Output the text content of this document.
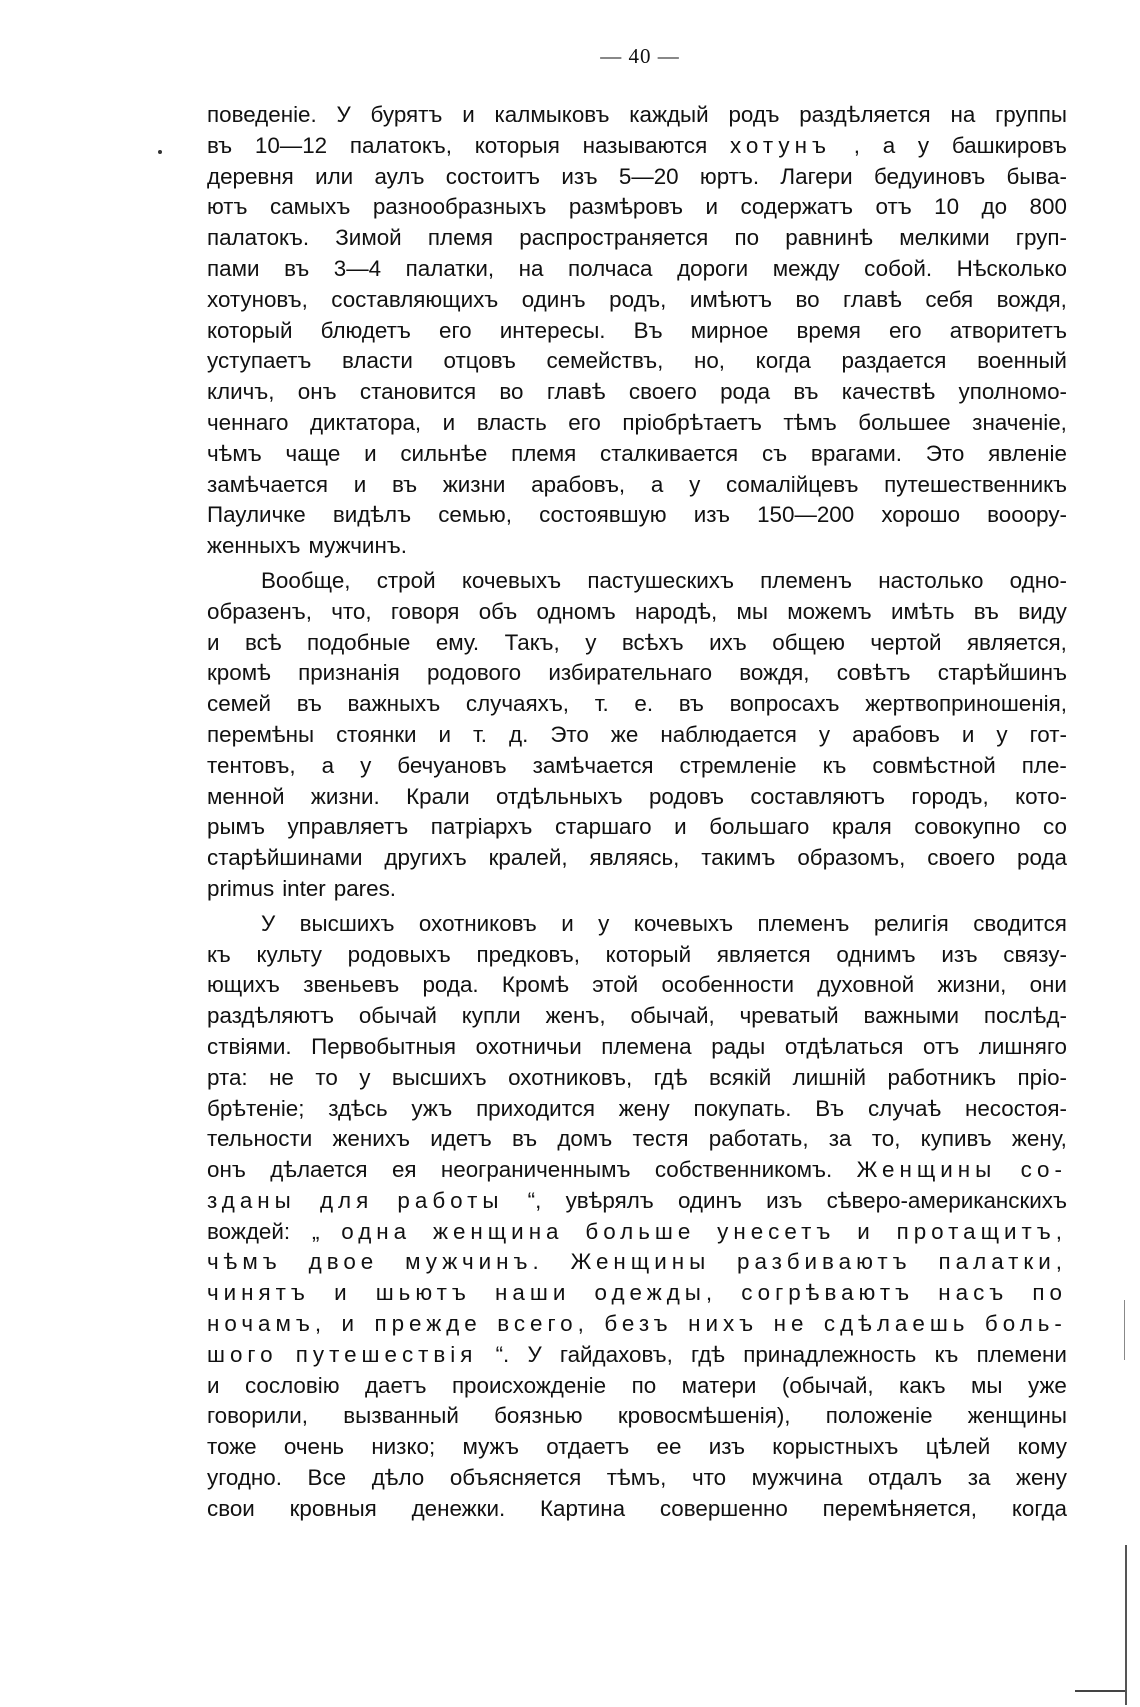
— 40 —
поведеніе. У бурятъ и калмыковъ каждый родъ раздѣляется на группы
въ 10—12 палатокъ, которыя называются хотунъ , а у башкировъ
деревня или аулъ состоитъ изъ 5—20 юртъ. Лагери бедуиновъ быва-
ютъ самыхъ разнообразныхъ размѣровъ и содержатъ отъ 10 до 800
палатокъ. Зимой племя распространяется по равнинѣ мелкими груп-
пами въ 3—4 палатки, на полчаса дороги между собой. Нѣсколько
хотуновъ, составляющихъ одинъ родъ, имѣютъ во главѣ себя вождя,
который блюдетъ его интересы. Въ мирное время его атворитетъ
уступаетъ власти отцовъ семействъ, но, когда раздается военный
кличъ, онъ становится во главѣ своего рода въ качествѣ уполномо-
ченнаго диктатора, и власть его пріобрѣтаетъ тѣмъ большее значеніе,
чѣмъ чаще и сильнѣе племя сталкивается съ врагами. Это явленіе
замѣчается и въ жизни арабовъ, а у сомалійцевъ путешественникъ
Пауличке видѣлъ семью, состоявшую изъ 150—200 хорошо вооору-
женныхъ мужчинъ.
Вообще, строй кочевыхъ пастушескихъ племенъ настолько одно-
образенъ, что, говоря объ одномъ народѣ, мы можемъ имѣть въ виду
и всѣ подобные ему. Такъ, у всѣхъ ихъ общею чертой является,
кромѣ признанія родового избирательнаго вождя, совѣтъ старѣйшинъ
семей въ важныхъ случаяхъ, т. е. въ вопросахъ жертвоприношенія,
перемѣны стоянки и т. д. Это же наблюдается у арабовъ и у гот-
тентовъ, а у бечуановъ замѣчается стремленіе къ совмѣстной пле-
менной жизни. Крали отдѣльныхъ родовъ составляютъ городъ, кото-
рымъ управляетъ патріархъ старшаго и большаго краля совокупно со
старѣйшинами другихъ кралей, являясь, такимъ образомъ, своего рода
primus inter pares.
У высшихъ охотниковъ и у кочевыхъ племенъ религія сводится
къ культу родовыхъ предковъ, который является однимъ изъ связу-
ющихъ звеньевъ рода. Кромѣ этой особенности духовной жизни, они
раздѣляютъ обычай купли женъ, обычай, чреватый важными послѣд-
ствіями. Первобытныя охотничьи племена рады отдѣлаться отъ лишняго
рта: не то у высшихъ охотниковъ, гдѣ всякій лишній работникъ пріо-
брѣтеніе; здѣсь ужъ приходится жену покупать. Въ случаѣ несостоя-
тельности женихъ идетъ въ домъ тестя работать, за то, купивъ жену,
онъ дѣлается ея неограниченнымъ собственникомъ. Женщины со-
зданы для работы “, увѣрялъ одинъ изъ сѣверо-американскихъ
вождей: „ одна женщина больше унесетъ и протащитъ,
чѣмъ двое мужчинъ. Женщины разбиваютъ палатки,
чинятъ и шьютъ наши одежды, согрѣваютъ насъ по
ночамъ, и прежде всего, безъ нихъ не сдѣлаешь боль-
шого путешествія “. У гайдаховъ, гдѣ принадлежность къ племени
и сословію даетъ происхожденіе по матери (обычай, какъ мы уже
говорили, вызванный боязнью кровосмѣшенія), положеніе женщины
тоже очень низко; мужъ отдаетъ ее изъ корыстныхъ цѣлей кому
угодно. Все дѣло объясняется тѣмъ, что мужчина отдалъ за жену
свои кровныя денежки. Картина совершенно перемѣняется, когда
